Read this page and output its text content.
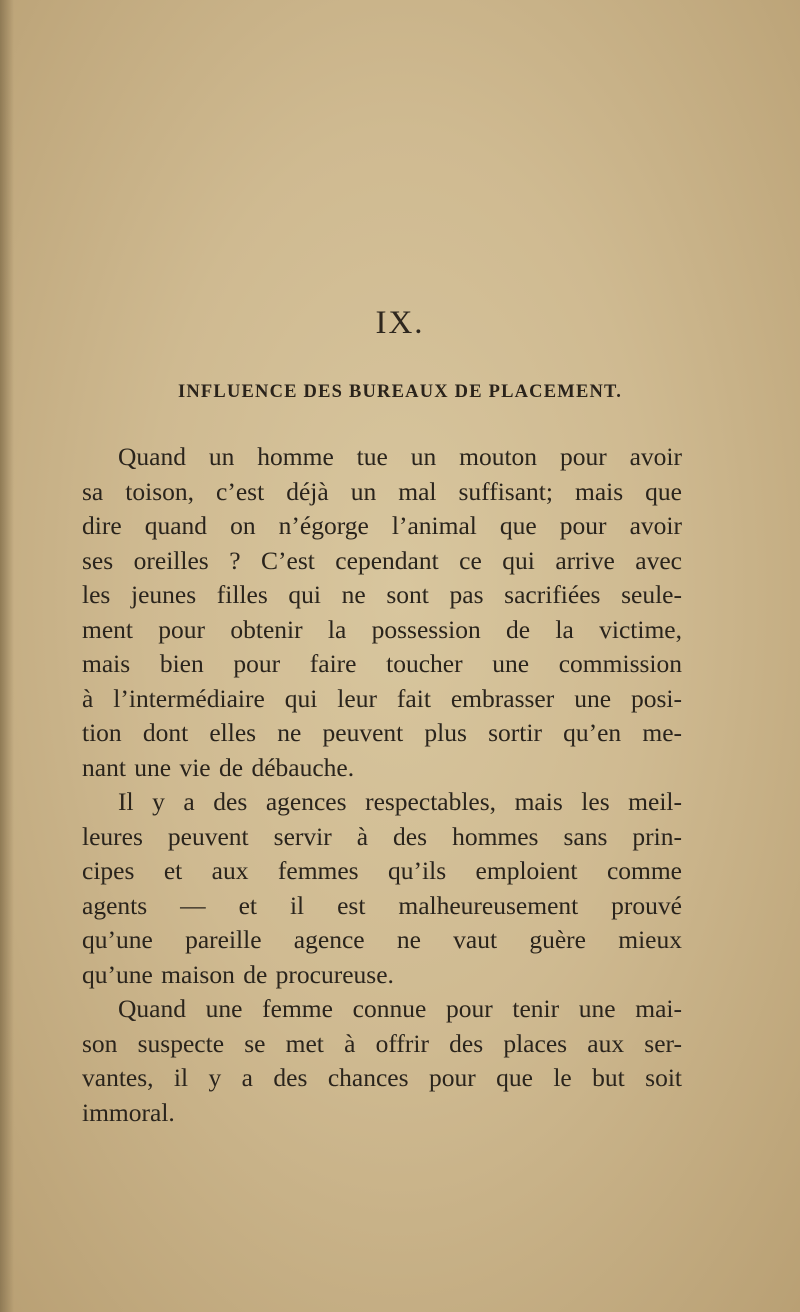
IX.
INFLUENCE DES BUREAUX DE PLACEMENT.
Quand un homme tue un mouton pour avoir
sa toison, c’est déjà un mal suffisant; mais que
dire quand on n’égorge l’animal que pour avoir
ses oreilles ? C’est cependant ce qui arrive avec
les jeunes filles qui ne sont pas sacrifiées seule-
ment pour obtenir la possession de la victime,
mais bien pour faire toucher une commission
à l’intermédiaire qui leur fait embrasser une posi-
tion dont elles ne peuvent plus sortir qu’en me-
nant une vie de débauche.
Il y a des agences respectables, mais les meil-
leures peuvent servir à des hommes sans prin-
cipes et aux femmes qu’ils emploient comme
agents — et il est malheureusement prouvé
qu’une pareille agence ne vaut guère mieux
qu’une maison de procureuse.
Quand une femme connue pour tenir une mai-
son suspecte se met à offrir des places aux ser-
vantes, il y a des chances pour que le but soit
immoral.
